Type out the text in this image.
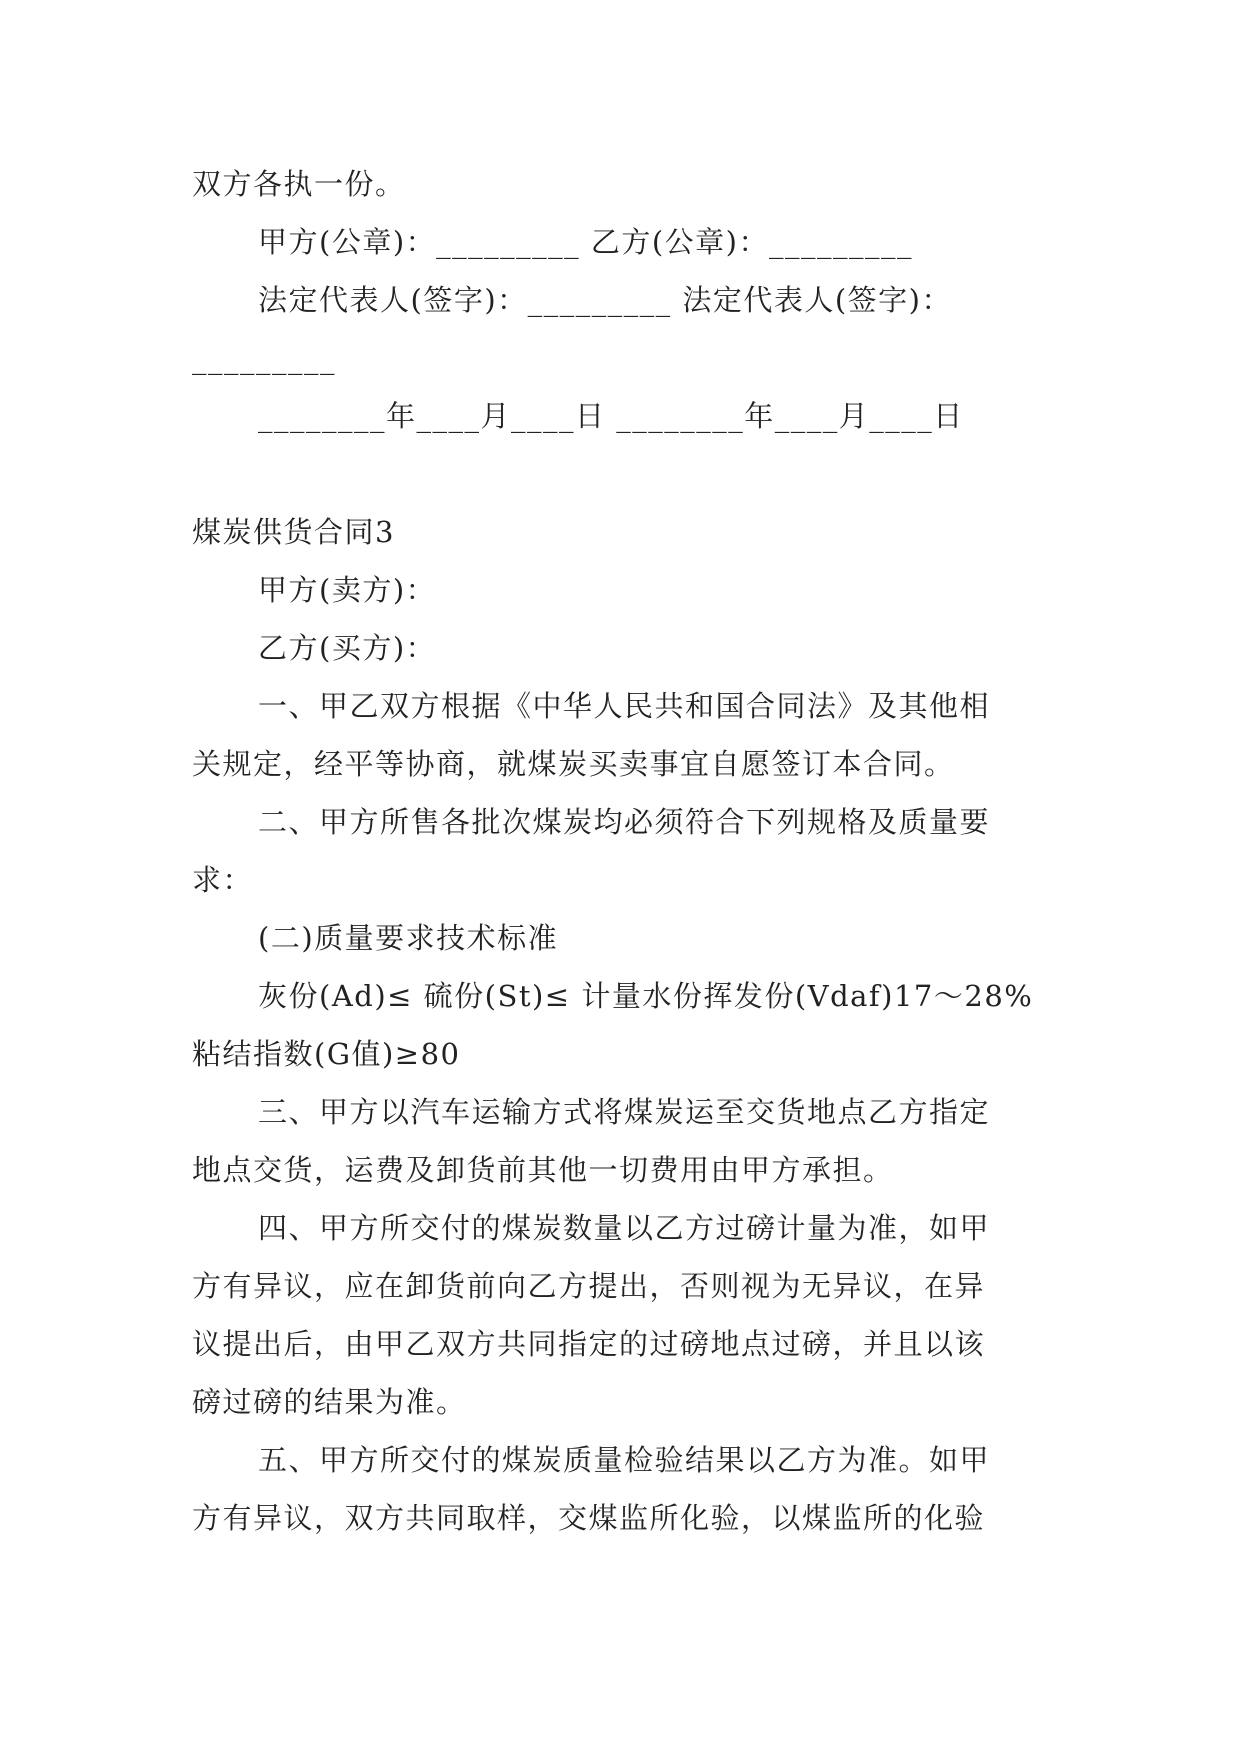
双方各执一份。
甲方(公章)：_________ 乙方(公章)：_________
法定代表人(签字)：_________ 法定代表人(签字)：
_________
________年____月____日 ________年____月____日
煤炭供货合同3
甲方(卖方)：
乙方(买方)：
一、甲乙双方根据《中华人民共和国合同法》及其他相
关规定，经平等协商，就煤炭买卖事宜自愿签订本合同。
二、甲方所售各批次煤炭均必须符合下列规格及质量要
求：
(二)质量要求技术标准
灰份(Ad)≤ 硫份(St)≤ 计量水份挥发份(Vdaf)17～28%
粘结指数(G值)≥80
三、甲方以汽车运输方式将煤炭运至交货地点乙方指定
地点交货，运费及卸货前其他一切费用由甲方承担。
四、甲方所交付的煤炭数量以乙方过磅计量为准，如甲
方有异议，应在卸货前向乙方提出，否则视为无异议，在异
议提出后，由甲乙双方共同指定的过磅地点过磅，并且以该
磅过磅的结果为准。
五、甲方所交付的煤炭质量检验结果以乙方为准。如甲
方有异议，双方共同取样，交煤监所化验，以煤监所的化验
